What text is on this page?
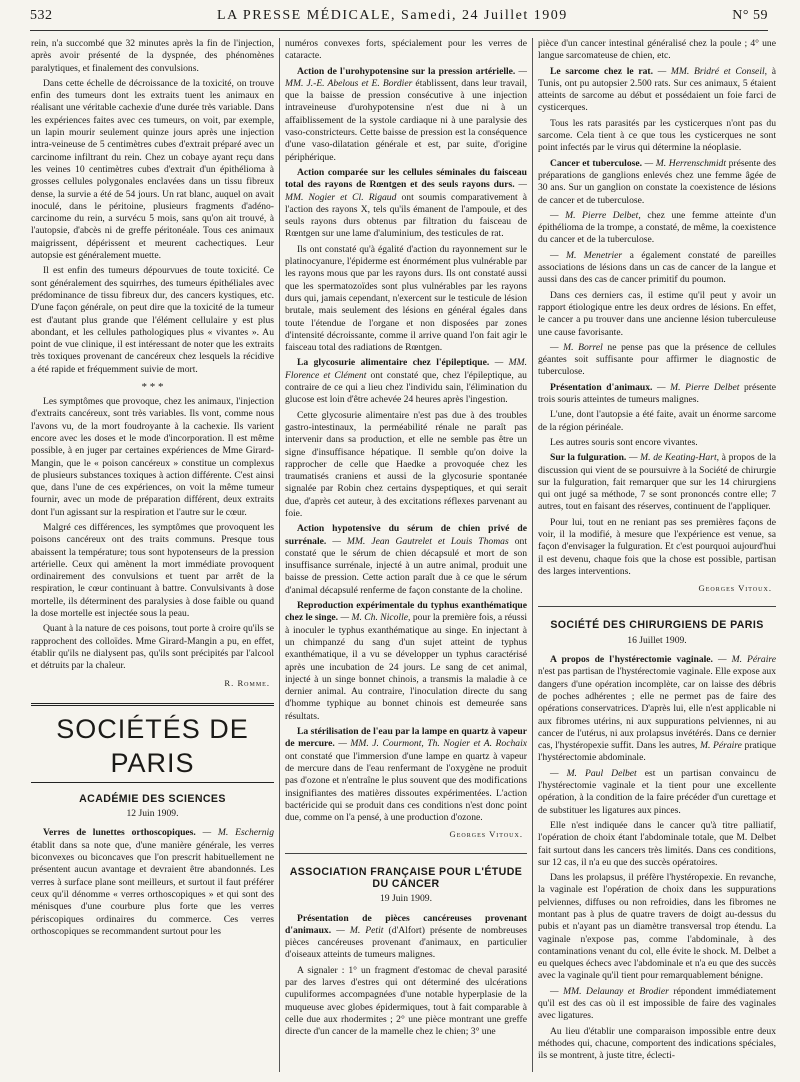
532	LA PRESSE MÉDICALE, Samedi, 24 Juillet 1909	N° 59

rein, n'a succombé que 32 minutes après la fin de l'injection, après avoir présenté de la dyspnée, des phénomènes paralytiques, et finalement des convulsions.

Dans cette échelle de décroissance de la toxicité, on trouve enfin des tumeurs dont les extraits tuent les animaux en réalisant une véritable cachexie d'une durée très variable. Dans les expériences faites avec ces tumeurs, on voit, par exemple, un lapin mourir seulement quinze jours après une injection intra-veineuse de 5 centimètres cubes d'extrait préparé avec un carcinome infiltrant du rein. Chez un cobaye ayant reçu dans les veines 10 centimètres cubes d'extrait d'un épithélioma à grosses cellules polygonales enclavées dans un tissu fibreux dense, la survie a été de 54 jours. Un rat blanc, auquel on avait inoculé, dans le péritoine, plusieurs fragments d'adéno-carcinome du rein, a survécu 5 mois, sans qu'on ait trouvé, à l'autopsie, d'abcès ni de greffe péritonéale. Tous ces animaux maigrissent, dépérissent et meurent cachectiques. Leur autopsie est généralement muette.

Il est enfin des tumeurs dépourvues de toute toxicité. Ce sont généralement des squirrhes, des tumeurs épithéliales avec prédominance de tissu fibreux dur, des cancers kystiques, etc. D'une façon générale, on peut dire que la toxicité de la tumeur est d'autant plus grande que l'élément cellulaire y est plus abondant, et les cellules pathologiques plus « vivantes ». Au point de vue clinique, il est intéressant de noter que les extraits très toxiques provenant de cancéreux chez lesquels la récidive a été rapide et fréquemment suivie de mort.

* * *

Les symptômes que provoque, chez les animaux, l'injection d'extraits cancéreux, sont très variables. Ils vont, comme nous l'avons vu, de la mort foudroyante à la cachexie. Ils varient encore avec les doses et le mode d'incorporation. Il est même possible, à en juger par certaines expériences de Mme Girard-Mangin, que le « poison cancéreux » constitue un complexus de plusieurs substances toxiques à action différente. C'est ainsi que, dans l'une de ces expériences, on voit la même tumeur fournir, avec un mode de préparation différent, deux extraits dont l'un agissant sur la respiration et l'autre sur le cœur.

Malgré ces différences, les symptômes que provoquent les poisons cancéreux ont des traits communs. Presque tous abaissent la température; tous sont hypotenseurs de la pression artérielle. Ceux qui amènent la mort immédiate provoquent ordinairement des convulsions et tuent par arrêt de la respiration, le cœur continuant à battre. Convulsivants à dose mortelle, ils déterminent des paralysies à dose faible ou quand la dose mortelle est injectée sous la peau.

Quant à la nature de ces poisons, tout porte à croire qu'ils se rapprochent des colloïdes. Mme Girard-Mangin a pu, en effet, établir qu'ils ne dialysent pas, qu'ils sont précipités par l'alcool et détruits par la chaleur.

R. Romme.
SOCIÉTÉS DE PARIS
ACADÉMIE DES SCIENCES
12 Juin 1909.

Verres de lunettes orthoscopiques. — M. Eschernig établit dans sa note que, d'une manière générale, les verres biconvexes ou biconcaves que l'on prescrit habituellement ne présentent aucun avantage et devraient être abandonnés. Les verres à surface plane sont meilleurs, et surtout il faut préférer ceux qu'il dénomme « verres orthoscopiques » et qui sont des ménisques d'une courbure plus forte que les verres périscopiques ordinaires du commerce. Ces verres orthoscopiques se recommandent surtout pour les

numéros convexes forts, spécialement pour les verres de cataracte.

Action de l'urohypotensine sur la pression artérielle. — MM. J.-E. Abelous et E. Bordier établissent, dans leur travail, que la baisse de pression consécutive à une injection intraveineuse d'urohypotensine n'est due ni à un affaiblissement de la systole cardiaque ni à une paralysie des vaso-constricteurs. Cette baisse de pression est la conséquence d'une vaso-dilatation générale et est, par suite, d'origine périphérique.

Action comparée sur les cellules séminales du faisceau total des rayons de Rœntgen et des seuls rayons durs. — MM. Nogier et Cl. Rigaud ont soumis comparativement à l'action des rayons X, tels qu'ils émanent de l'ampoule, et des seuls rayons durs obtenus par filtration du faisceau de Rœntgen sur une lame d'aluminium, des testicules de rat.

Ils ont constaté qu'à égalité d'action du rayonnement sur le platinocyanure, l'épiderme est énormément plus vulnérable par les rayons mous que par les rayons durs. Ils ont constaté aussi que les spermatozoïdes sont plus vulnérables par les rayons durs qui, jamais cependant, n'exercent sur le testicule de lésion brutale, mais seulement des lésions en général égales dans toute l'étendue de l'organe et non disposées par zones d'intensité décroissante, comme il arrive quand l'on fait agir le faisceau total des radiations de Rœntgen.

La glycosurie alimentaire chez l'épileptique. — MM. Florence et Clément ont constaté que, chez l'épileptique, au contraire de ce qui a lieu chez l'individu sain, l'élimination du glucose est loin d'être achevée 24 heures après l'ingestion.

Cette glycosurie alimentaire n'est pas due à des troubles gastro-intestinaux, la perméabilité rénale ne paraît pas intervenir dans sa production, et elle ne semble pas être un signe d'insuffisance hépatique. Il semble qu'on doive la rapprocher de celle que Haedke a provoquée chez les traumatisés craniens et aussi de la glycosurie spontanée signalée par Robin chez certains dyspeptiques, et qui serait due, d'après cet auteur, à des excitations réflexes parvenant au foie.

Action hypotensive du sérum de chien privé de surrénale. — MM. Jean Gautrelet et Louis Thomas ont constaté que le sérum de chien décapsulé et mort de son insuffisance surrénale, injecté à un autre animal, produit une baisse de pression. Cette action paraît due à ce que le sérum d'animal décapsulé renferme de façon constante de la choline.

Reproduction expérimentale du typhus exanthématique chez le singe. — M. Ch. Nicolle, pour la première fois, a réussi à inoculer le typhus exanthématique au singe. En injectant à un chimpanzé du sang d'un sujet atteint de typhus exanthématique, il a vu se développer un typhus caractérisé après une incubation de 24 jours. Le sang de cet animal, injecté à un singe bonnet chinois, a transmis la maladie à ce dernier animal. Au contraire, l'inoculation directe du sang d'homme typhique au bonnet chinois est demeurée sans résultats.

La stérilisation de l'eau par la lampe en quartz à vapeur de mercure. — MM. J. Courmont, Th. Nogier et A. Rochaix ont constaté que l'immersion d'une lampe en quartz à vapeur de mercure dans de l'eau renfermant de l'oxygène ne produit pas d'ozone et n'entraîne le plus souvent que des modifications insignifiantes des matières dissoutes expérimentées. L'action bactéricide qui se produit dans ces conditions n'est donc point due, comme on l'a pensé, à une production d'ozone.

Georges Vitoux.
ASSOCIATION FRANÇAISE POUR L'ÉTUDE DU CANCER
19 Juin 1909.

Présentation de pièces cancéreuses provenant d'animaux. — M. Petit (d'Alfort) présente de nombreuses pièces cancéreuses provenant d'animaux, en particulier d'oiseaux atteints de tumeurs malignes.

A signaler : 1° un fragment d'estomac de cheval parasité par des larves d'estres qui ont déterminé des ulcérations cupuliformes accompagnées d'une notable hyperplasie de la muqueuse avec globes épidermiques, tout à fait comparable à celle due aux rhodermites ; 2° une pièce montrant une greffe directe d'un cancer de la mamelle chez le chien; 3° une

pièce d'un cancer intestinal généralisé chez la poule ; 4° une langue sarcomateuse de chien, etc.

Le sarcome chez le rat. — MM. Bridré et Conseil, à Tunis, ont pu autopsier 2.500 rats. Sur ces animaux, 5 étaient atteints de sarcome au début et possédaient un foie farci de cysticerques.

Tous les rats parasités par les cysticerques n'ont pas du sarcome. Cela tient à ce que tous les cysticerques ne sont point infectés par le virus qui détermine la néoplasie.

Cancer et tuberculose. — M. Herrenschmidt présente des préparations de ganglions enlevés chez une femme âgée de 30 ans. Sur un ganglion on constate la coexistence de lésions de cancer et de tuberculose.

— M. Pierre Delbet, chez une femme atteinte d'un épithélioma de la trompe, a constaté, de même, la coexistence du cancer et de la tuberculose.

— M. Menetrier a également constaté de pareilles associations de lésions dans un cas de cancer de la langue et aussi dans des cas de cancer primitif du poumon.

Dans ces derniers cas, il estime qu'il peut y avoir un rapport étiologique entre les deux ordres de lésions. En effet, le cancer a pu trouver dans une ancienne lésion tuberculeuse une cause favorisante.

— M. Borrel ne pense pas que la présence de cellules géantes soit suffisante pour affirmer le diagnostic de tuberculose.

Présentation d'animaux. — M. Pierre Delbet présente trois souris atteintes de tumeurs malignes.

L'une, dont l'autopsie a été faite, avait un énorme sarcome de la région périnéale.

Les autres souris sont encore vivantes.

Sur la fulguration. — M. de Keating-Hart, à propos de la discussion qui vient de se poursuivre à la Société de chirurgie sur la fulguration, fait remarquer que sur les 14 chirurgiens qui ont jugé sa méthode, 7 se sont prononcés contre elle; 7 autres, tout en faisant des réserves, continuent de l'appliquer.

Pour lui, tout en ne reniant pas ses premières façons de voir, il la modifié, à mesure que l'expérience est venue, sa façon d'envisager la fulguration. Et c'est pourquoi aujourd'hui il est devenu, chaque fois que la chose est possible, partisan des larges interventions.

Georges Vitoux.
SOCIÉTÉ DES CHIRURGIENS DE PARIS
16 Juillet 1909.

A propos de l'hystérectomie vaginale. — M. Péraire n'est pas partisan de l'hystérectomie vaginale. Elle expose aux dangers d'une opération incomplète, car on laisse des débris de poches adhérentes ; elle ne permet pas de faire des opérations conservatrices. D'après lui, elle n'est applicable ni aux fibromes utérins, ni aux suppurations pelviennes, ni au cancer de l'utérus, ni aux prolapsus invétérés. Dans ce dernier cas, l'hystéropexie suffit. Dans les autres, M. Péraire pratique l'hystérectomie abdominale.

— M. Paul Delbet est un partisan convaincu de l'hystérectomie vaginale et la tient pour une excellente opération, à la condition de la faire précéder d'un curettage et de substituer les ligatures aux pinces.

Elle n'est indiquée dans le cancer qu'à titre palliatif, l'opération de choix étant l'abdominale totale, que M. Delbet fait surtout dans les cancers très limités. Dans ces conditions, sur 12 cas, il n'a eu que des succès opératoires.

Dans les prolapsus, il préfère l'hystéropexie. En revanche, la vaginale est l'opération de choix dans les suppurations pelviennes, diffuses ou non refroidies, dans les fibromes ne montant pas à plus de quatre travers de doigt au-dessus du pubis et n'ayant pas un diamètre transversal trop étendu. La vaginale n'expose pas, comme l'abdominale, à des contaminations venant du col, elle évite le shock. M. Delbet a eu quelques échecs avec l'abdominale et n'a eu que des succès avec la vaginale qu'il tient pour remarquablement bénigne.

— MM. Delaunay et Brodier répondent immédiatement qu'il est des cas où il est impossible de faire des vaginales avec ligatures.

Au lieu d'établir une comparaison impossible entre deux méthodes qui, chacune, comportent des indications spéciales, ils se montrent, à juste titre, éclecti-
